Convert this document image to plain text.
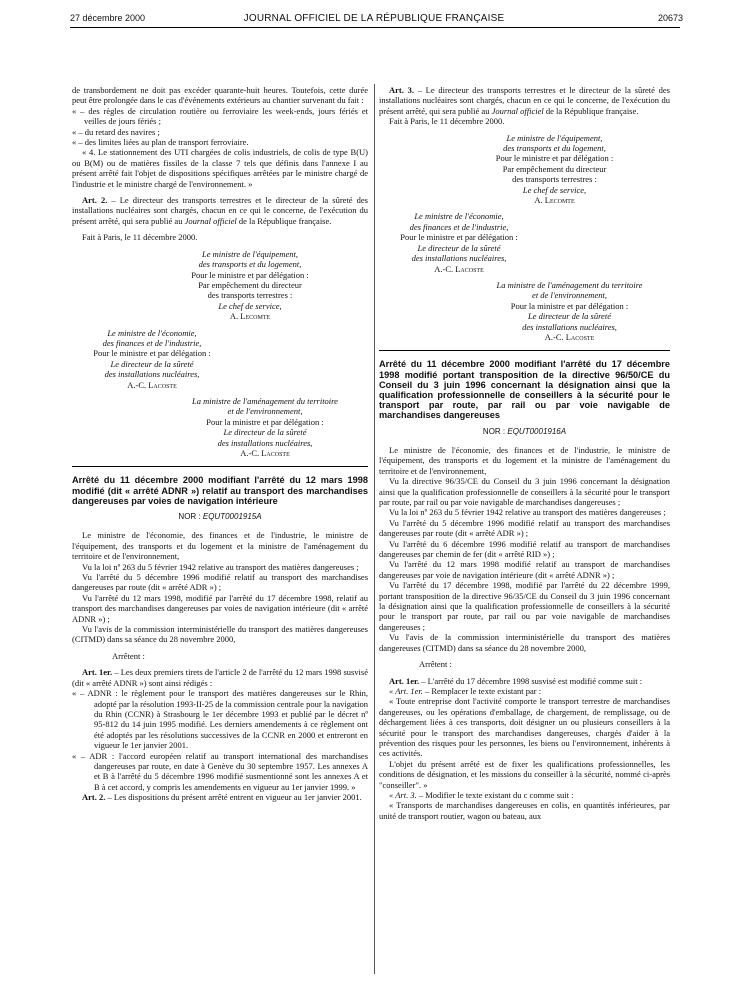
27 décembre 2000	JOURNAL OFFICIEL DE LA RÉPUBLIQUE FRANÇAISE	20673

de transbordement ne doit pas excéder quarante-huit heures. Toutefois, cette durée peut être prolongée dans le cas d'événements extérieurs au chantier survenant du fait :

« – des règles de circulation routière ou ferroviaire les week-ends, jours fériés et veilles de jours fériés ;

« – du retard des navires ;

« – des limites liées au plan de transport ferroviaire.

« 4. Le stationnement des UTI chargées de colis industriels, de colis de type B(U) ou B(M) ou de matières fissiles de la classe 7 tels que définis dans l'annexe I au présent arrêté fait l'objet de dispositions spécifiques arrêtées par le ministre chargé de l'industrie et le ministre chargé de l'environnement. »

Art. 2. – Le directeur des transports terrestres et le directeur de la sûreté des installations nucléaires sont chargés, chacun en ce qui le concerne, de l'exécution du présent arrêté, qui sera publié au Journal officiel de la République française.

Fait à Paris, le 11 décembre 2000.

Le ministre de l'équipement,

des transports et du logement,

Pour le ministre et par délégation :

Par empêchement du directeur

des transports terrestres :

Le chef de service,

A. Lecomte

Le ministre de l'économie,

des finances et de l'industrie,

Pour le ministre et par délégation :

Le directeur de la sûreté

des installations nucléaires,

A.-C. Lacoste

La ministre de l'aménagement du territoire

et de l'environnement,

Pour la ministre et par délégation :

Le directeur de la sûreté

des installations nucléaires,

A.-C. Lacoste

Arrêté du 11 décembre 2000 modifiant l'arrêté du 12 mars 1998 modifié (dit « arrêté ADNR ») relatif au transport des marchandises dangereuses par voies de navigation intérieure

NOR : EQUT0001915A

Le ministre de l'économie, des finances et de l'industrie, le ministre de l'équipement, des transports et du logement et la ministre de l'aménagement du territoire et de l'environnement,

Vu la loi nº 263 du 5 février 1942 relative au transport des matières dangereuses ;

Vu l'arrêté du 5 décembre 1996 modifié relatif au transport des marchandises dangereuses par route (dit « arrêté ADR ») ;

Vu l'arrêté du 12 mars 1998, modifié par l'arrêté du 17 décembre 1998, relatif au transport des marchandises dangereuses par voies de navigation intérieure (dit « arrêté ADNR ») ;

Vu l'avis de la commission interministérielle du transport des matières dangereuses (CITMD) dans sa séance du 28 novembre 2000,

Arrêtent :

Art. 1er. – Les deux premiers tirets de l'article 2 de l'arrêté du 12 mars 1998 susvisé (dit « arrêté ADNR ») sont ainsi rédigés :

« – ADNR : le règlement pour le transport des matières dangereuses sur le Rhin, adopté par la résolution 1993-II-25 de la commission centrale pour la navigation du Rhin (CCNR) à Strasbourg le 1er décembre 1993 et publié par le décret nº 95-812 du 14 juin 1995 modifié. Les derniers amendements à ce règlement ont été adoptés par les résolutions successives de la CCNR en 2000 et entreront en vigueur le 1er janvier 2001.

« – ADR : l'accord européen relatif au transport international des marchandises dangereuses par route, en date à Genève du 30 septembre 1957. Les annexes A et B à l'arrêté du 5 décembre 1996 modifié susmentionné sont les annexes A et B à cet accord, y compris les amendements en vigueur au 1er janvier 1999. »

Art. 2. – Les dispositions du présent arrêté entrent en vigueur au 1er janvier 2001.

Art. 3. – Le directeur des transports terrestres et le directeur de la sûreté des installations nucléaires sont chargés, chacun en ce qui le concerne, de l'exécution du présent arrêté, qui sera publié au Journal officiel de la République française.

Fait à Paris, le 11 décembre 2000.

Le ministre de l'équipement,

des transports et du logement,

Pour le ministre et par délégation :

Par empêchement du directeur

des transports terrestres :

Le chef de service,

A. Lecomte

Le ministre de l'économie,

des finances et de l'industrie,

Pour le ministre et par délégation :

Le directeur de la sûreté

des installations nucléaires,

A.-C. Lacoste

La ministre de l'aménagement du territoire

et de l'environnement,

Pour la ministre et par délégation :

Le directeur de la sûreté

des installations nucléaires,

A.-C. Lacoste

Arrêté du 11 décembre 2000 modifiant l'arrêté du 17 décembre 1998 modifié portant transposition de la directive 96/50/CE du Conseil du 3 juin 1996 concernant la désignation ainsi que la qualification professionnelle de conseillers à la sécurité pour le transport par route, par rail ou par voie navigable de marchandises dangereuses

NOR : EQUT0001916A

Le ministre de l'économie, des finances et de l'industrie, le ministre de l'équipement, des transports et du logement et la ministre de l'aménagement du territoire et de l'environnement,

Vu la directive 96/35/CE du Conseil du 3 juin 1996 concernant la désignation ainsi que la qualification professionnelle de conseillers à la sécurité pour le transport par route, par rail ou par voie navigable de marchandises dangereuses ;

Vu la loi nº 263 du 5 février 1942 relative au transport des matières dangereuses ;

Vu l'arrêté du 5 décembre 1996 modifié relatif au transport des marchandises dangereuses par route (dit « arrêté ADR ») ;

Vu l'arrêté du 6 décembre 1996 modifié relatif au transport de marchandises dangereuses par chemin de fer (dit « arrêté RID ») ;

Vu l'arrêté du 12 mars 1998 modifié relatif au transport de marchandises dangereuses par voie de navigation intérieure (dit « arrêté ADNR ») ;

Vu l'arrêté du 17 décembre 1998, modifié par l'arrêté du 22 décembre 1999, portant transposition de la directive 96/35/CE du Conseil du 3 juin 1996 concernant la désignation ainsi que la qualification professionnelle de conseillers à la sécurité pour le transport par route, par rail ou par voie navigable de marchandises dangereuses ;

Vu l'avis de la commission interministérielle du transport des matières dangereuses (CITMD) dans sa séance du 28 novembre 2000,

Arrêtent :

Art. 1er. – L'arrêté du 17 décembre 1998 susvisé est modifié comme suit :

« Art. 1er. – Remplacer le texte existant par :

« Toute entreprise dont l'activité comporte le transport terrestre de marchandises dangereuses, ou les opérations d'emballage, de chargement, de remplissage, ou de déchargement liées à ces transports, doit désigner un ou plusieurs conseillers à la sécurité pour le transport des marchandises dangereuses, chargés d'aider à la prévention des risques pour les personnes, les biens ou l'environnement, inhérents à ces activités.

L'objet du présent arrêté est de fixer les qualifications professionnelles, les conditions de désignation, et les missions du conseiller à la sécurité, nommé ci-après "conseiller". »

« Art. 3. – Modifier le texte existant du c comme suit :

« Transports de marchandises dangereuses en colis, en quantités inférieures, par unité de transport routier, wagon ou bateau, aux
